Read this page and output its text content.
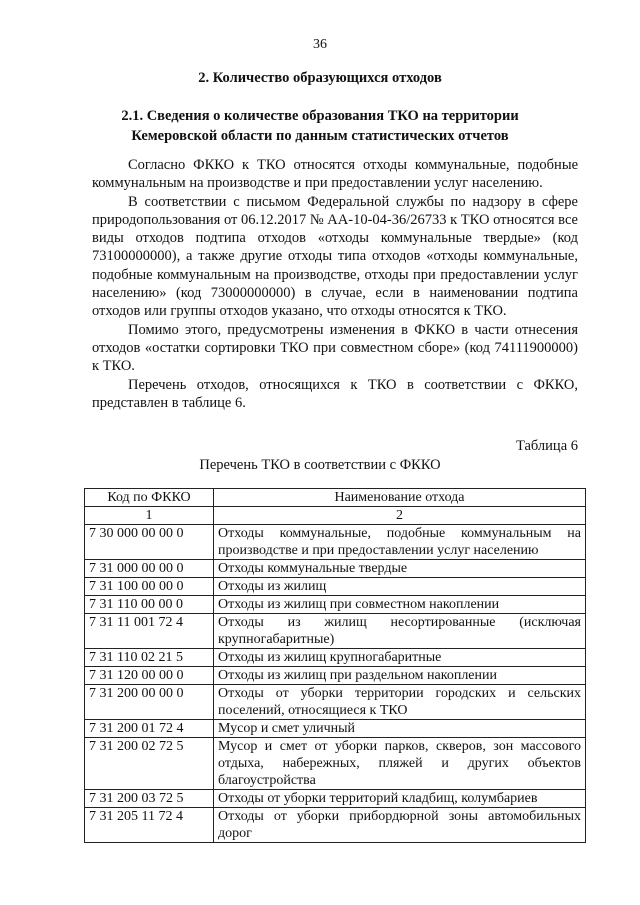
36
2. Количество образующихся отходов
2.1. Сведения о количестве образования ТКО на территории
Кемеровской области по данным статистических отчетов

Согласно ФККО к ТКО относятся отходы коммунальные, подобные коммунальным на производстве и при предоставлении услуг населению.

В соответствии с письмом Федеральной службы по надзору в сфере природопользования от 06.12.2017 № АА-10-04-36/26733 к ТКО относятся все виды отходов подтипа отходов «отходы коммунальные твердые» (код 73100000000), а также другие отходы типа отходов «отходы коммунальные, подобные коммунальным на производстве, отходы при предоставлении услуг населению» (код 73000000000) в случае, если в наименовании подтипа отходов или группы отходов указано, что отходы относятся к ТКО.

Помимо этого, предусмотрены изменения в ФККО в части отнесения отходов «остатки сортировки ТКО при совместном сборе» (код 74111900000) к ТКО.

Перечень отходов, относящихся к ТКО в соответствии с ФККО, представлен в таблице 6.

Таблица 6
Перечень ТКО в соответствии с ФККО
Код по ФККО	Наименование отхода
1	2
7 30 000 00 00 0	Отходы коммунальные, подобные коммунальным на производстве и при предоставлении услуг населению
7 31 000 00 00 0	Отходы коммунальные твердые
7 31 100 00 00 0	Отходы из жилищ
7 31 110 00 00 0	Отходы из жилищ при совместном накоплении
7 31 11 001 72 4	Отходы из жилищ несортированные (исключая крупногабаритные)
7 31 110 02 21 5	Отходы из жилищ крупногабаритные
7 31 120 00 00 0	Отходы из жилищ при раздельном накоплении
7 31 200 00 00 0	Отходы от уборки территории городских и сельских поселений, относящиеся к ТКО
7 31 200 01 72 4	Мусор и смет уличный
7 31 200 02 72 5	Мусор и смет от уборки парков, скверов, зон массового отдыха, набережных, пляжей и других объектов благоустройства
7 31 200 03 72 5	Отходы от уборки территорий кладбищ, колумбариев
7 31 205 11 72 4	Отходы от уборки прибордюрной зоны автомобильных дорог
